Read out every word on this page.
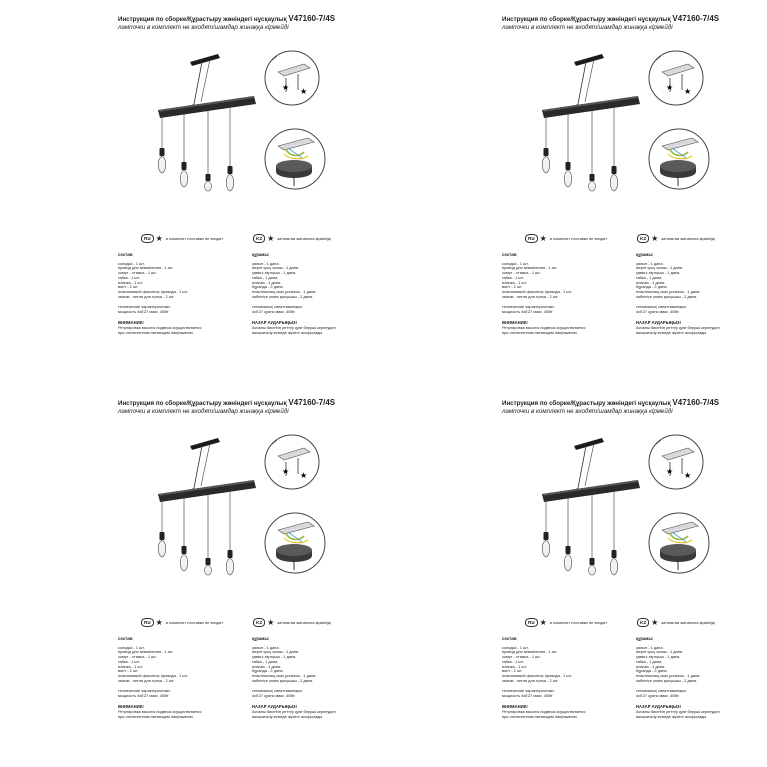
Инструкция по сборке/Құрастыру жөніндегі нұсқаулық V47160-7/4S
лампочки в комплект не входят/шамдар жинаққа кірмейді
★ ★
RU ★ в комплект поставки не входит	KZ ★ жеткізілім жинағына кірмейді
состав:
колодка - 1 шт.
провод для заземления - 1 шт.
хомут - стяжка - 1 шт.
гайка - 1 шт.
планка - 1 шт.
винт - 2 шт.
пластиковый фиксатор провода - 1 шт.
зажим - петля для троса - 2 шт.
технические характеристики:
мощность 4хЕ27 макс. 40Вт
ВНИМАНИЕ!
Регулировка высоты подвеса осуществляется
при отключенном питающем напряжении.
құрамы:
қалып - 1 дана.
жерге қосу сымы - 1 дана.
қамыт-тартқыш - 1 дана.
гайка - 1 дана.
планка - 1 дана.
бұранда - 2 дана.
пластикалық сым ұстағыш - 1 дана.
кабельге ілмек қысқышы - 2 дана.
техникалық сипаттамалары:
4хЕ27 қуаты макс. 40Вт.
НАЗАР АУДАРЫҢЫЗ!
Аспалы биіктігін реттеу қуат беруші кернеуден
ажыратылу кезінде жүзеге асырылады.
Инструкция по сборке/Құрастыру жөніндегі нұсқаулық V47160-7/4S
лампочки в комплект не входят/шамдар жинаққа кірмейді
★ ★
RU ★ в комплект поставки не входит	KZ ★ жеткізілім жинағына кірмейді
состав:
колодка - 1 шт.
провод для заземления - 1 шт.
хомут - стяжка - 1 шт.
гайка - 1 шт.
планка - 1 шт.
винт - 2 шт.
пластиковый фиксатор провода - 1 шт.
зажим - петля для троса - 2 шт.
технические характеристики:
мощность 4хЕ27 макс. 40Вт
ВНИМАНИЕ!
Регулировка высоты подвеса осуществляется
при отключенном питающем напряжении.
құрамы:
қалып - 1 дана.
жерге қосу сымы - 1 дана.
қамыт-тартқыш - 1 дана.
гайка - 1 дана.
планка - 1 дана.
бұранда - 2 дана.
пластикалық сым ұстағыш - 1 дана.
кабельге ілмек қысқышы - 2 дана.
техникалық сипаттамалары:
4хЕ27 қуаты макс. 40Вт.
НАЗАР АУДАРЫҢЫЗ!
Аспалы биіктігін реттеу қуат беруші кернеуден
ажыратылу кезінде жүзеге асырылады.
Инструкция по сборке/Құрастыру жөніндегі нұсқаулық V47160-7/4S
лампочки в комплект не входят/шамдар жинаққа кірмейді
★ ★
RU ★ в комплект поставки не входит	KZ ★ жеткізілім жинағына кірмейді
состав:
колодка - 1 шт.
провод для заземления - 1 шт.
хомут - стяжка - 1 шт.
гайка - 1 шт.
планка - 1 шт.
винт - 2 шт.
пластиковый фиксатор провода - 1 шт.
зажим - петля для троса - 2 шт.
технические характеристики:
мощность 4хЕ27 макс. 40Вт
ВНИМАНИЕ!
Регулировка высоты подвеса осуществляется
при отключенном питающем напряжении.
құрамы:
қалып - 1 дана.
жерге қосу сымы - 1 дана.
қамыт-тартқыш - 1 дана.
гайка - 1 дана.
планка - 1 дана.
бұранда - 2 дана.
пластикалық сым ұстағыш - 1 дана.
кабельге ілмек қысқышы - 2 дана.
техникалық сипаттамалары:
4хЕ27 қуаты макс. 40Вт.
НАЗАР АУДАРЫҢЫЗ!
Аспалы биіктігін реттеу қуат беруші кернеуден
ажыратылу кезінде жүзеге асырылады.
Инструкция по сборке/Құрастыру жөніндегі нұсқаулық V47160-7/4S
лампочки в комплект не входят/шамдар жинаққа кірмейді
★ ★
RU ★ в комплект поставки не входит	KZ ★ жеткізілім жинағына кірмейді
состав:
колодка - 1 шт.
провод для заземления - 1 шт.
хомут - стяжка - 1 шт.
гайка - 1 шт.
планка - 1 шт.
винт - 2 шт.
пластиковый фиксатор провода - 1 шт.
зажим - петля для троса - 2 шт.
технические характеристики:
мощность 4хЕ27 макс. 40Вт
ВНИМАНИЕ!
Регулировка высоты подвеса осуществляется
при отключенном питающем напряжении.
құрамы:
қалып - 1 дана.
жерге қосу сымы - 1 дана.
қамыт-тартқыш - 1 дана.
гайка - 1 дана.
планка - 1 дана.
бұранда - 2 дана.
пластикалық сым ұстағыш - 1 дана.
кабельге ілмек қысқышы - 2 дана.
техникалық сипаттамалары:
4хЕ27 қуаты макс. 40Вт.
НАЗАР АУДАРЫҢЫЗ!
Аспалы биіктігін реттеу қуат беруші кернеуден
ажыратылу кезінде жүзеге асырылады.
